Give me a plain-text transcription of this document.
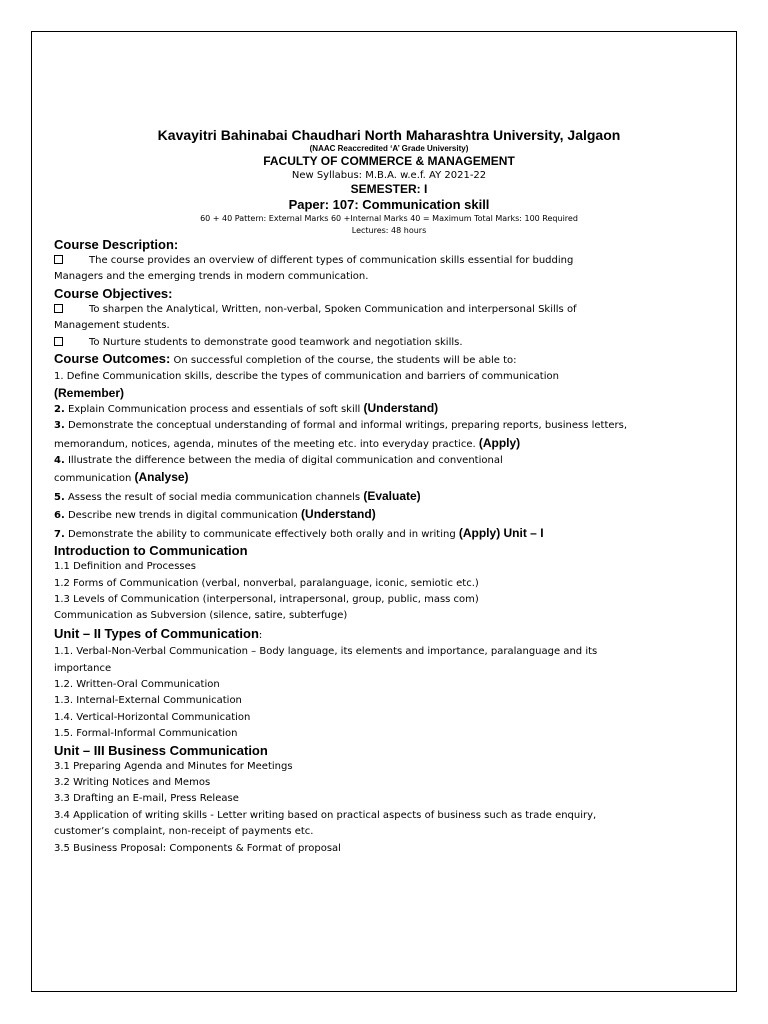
Kavayitri Bahinabai Chaudhari North Maharashtra University, Jalgaon

(NAAC Reaccredited ‘A’ Grade University)

FACULTY OF COMMERCE & MANAGEMENT

New Syllabus: M.B.A. w.e.f. AY 2021-22

SEMESTER: I

Paper: 107: Communication skill

60 + 40 Pattern: External Marks 60 +Internal Marks 40 = Maximum Total Marks: 100 Required

Lectures: 48 hours

Course Description:

The course provides an overview of different types of communication skills essential for budding

Managers and the emerging trends in modern communication.

Course Objectives:

To sharpen the Analytical, Written, non-verbal, Spoken Communication and interpersonal Skills of

Management students.

To Nurture students to demonstrate good teamwork and negotiation skills.

Course Outcomes: On successful completion of the course, the students will be able to:

1. Define Communication skills, describe the types of communication and barriers of communication

(Remember)

2. Explain Communication process and essentials of soft skill (Understand)

3. Demonstrate the conceptual understanding of formal and informal writings, preparing reports, business letters,

memorandum, notices, agenda, minutes of the meeting etc. into everyday practice. (Apply)

4. Illustrate the difference between the media of digital communication and conventional

communication (Analyse)

5. Assess the result of social media communication channels (Evaluate)

6. Describe new trends in digital communication (Understand)

7. Demonstrate the ability to communicate effectively both orally and in writing (Apply) Unit – I

Introduction to Communication

1.1 Definition and Processes

1.2 Forms of Communication (verbal, nonverbal, paralanguage, iconic, semiotic etc.)

1.3 Levels of Communication (interpersonal, intrapersonal, group, public, mass com)

Communication as Subversion (silence, satire, subterfuge)

Unit – II Types of Communication:

1.1. Verbal-Non-Verbal Communication – Body language, its elements and importance, paralanguage and its

importance

1.2. Written-Oral Communication

1.3. Internal-External Communication

1.4. Vertical-Horizontal Communication

1.5. Formal-Informal Communication

Unit – III Business Communication

3.1 Preparing Agenda and Minutes for Meetings

3.2 Writing Notices and Memos

3.3 Drafting an E-mail, Press Release

3.4 Application of writing skills - Letter writing based on practical aspects of business such as trade enquiry,

customer’s complaint, non-receipt of payments etc.

3.5 Business Proposal: Components & Format of proposal
